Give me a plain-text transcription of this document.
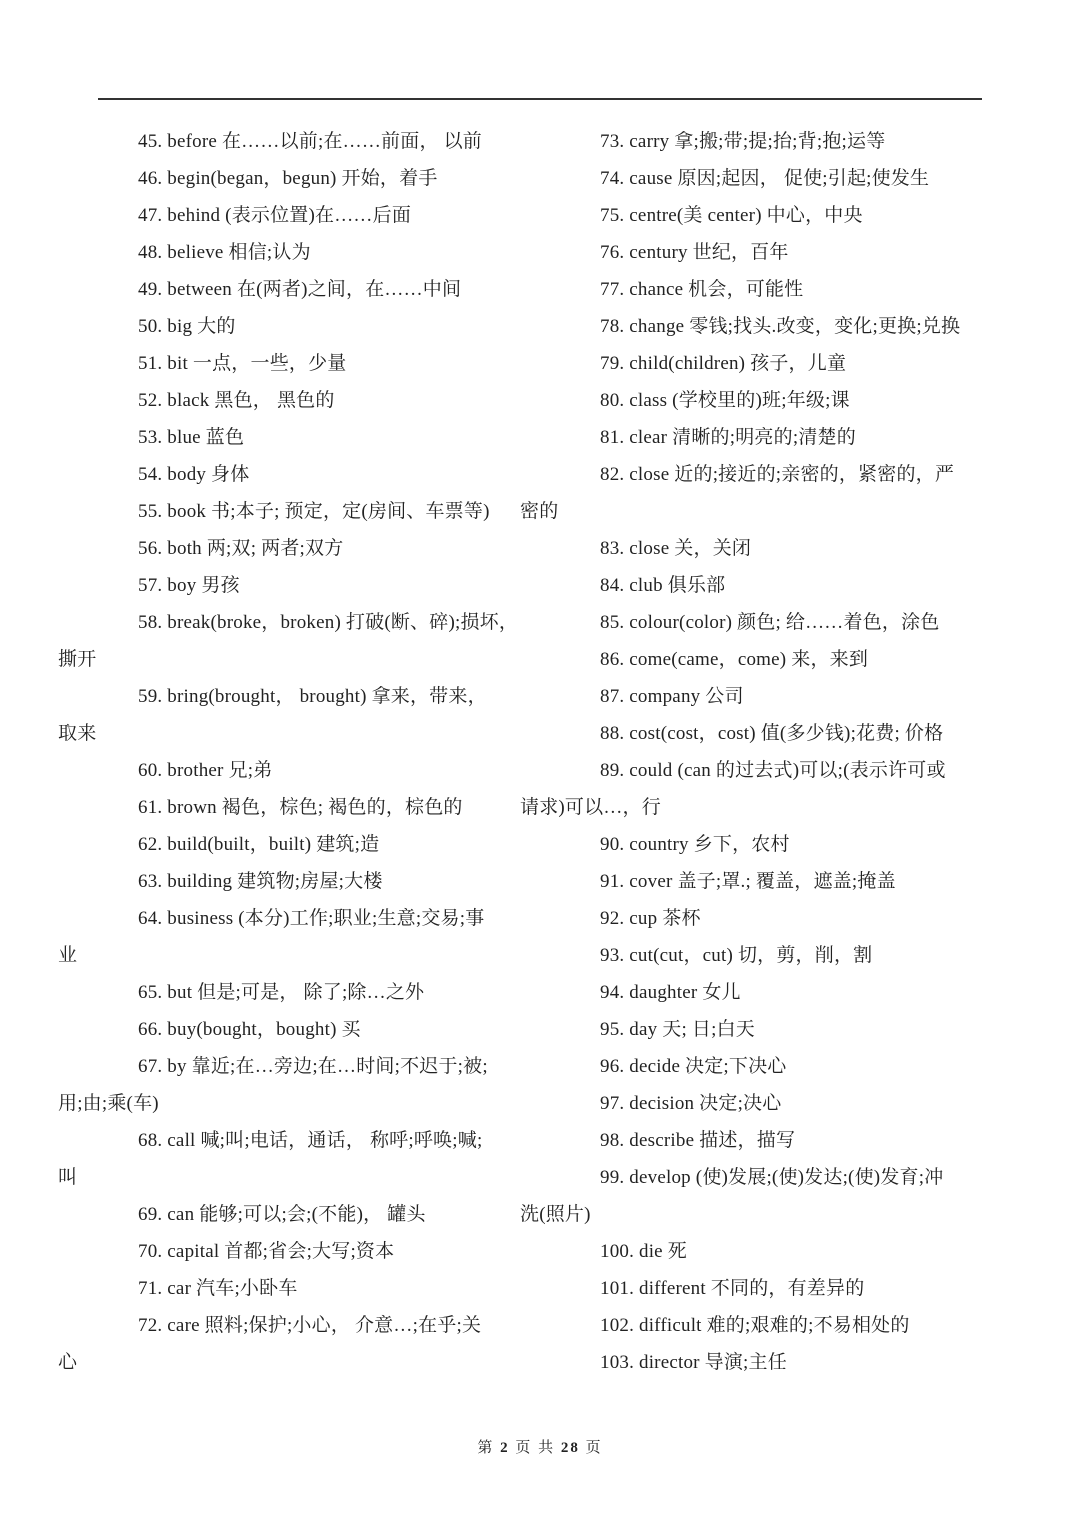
45. before 在……以前;在……前面， 以前

46. begin(began，begun) 开始，着手

47. behind (表示位置)在……后面

48. believe 相信;认为

49. between 在(两者)之间，在……中间

50. big 大的

51. bit 一点，一些，少量

52. black 黑色， 黑色的

53. blue 蓝色

54. body 身体

55. book 书;本子; 预定，定(房间、车票等)

56. both 两;双; 两者;双方

57. boy 男孩

58. break(broke，broken) 打破(断、碎);损坏，
撕开

59. bring(brought， brought) 拿来，带来，
取来

60. brother 兄;弟

61. brown 褐色，棕色; 褐色的，棕色的

62. build(built，built) 建筑;造

63. building 建筑物;房屋;大楼

64. business (本分)工作;职业;生意;交易;事
业

65. but 但是;可是， 除了;除…之外

66. buy(bought，bought) 买

67. by 靠近;在…旁边;在…时间;不迟于;被;
用;由;乘(车)

68. call 喊;叫;电话，通话， 称呼;呼唤;喊;
叫

69. can 能够;可以;会;(不能)， 罐头

70. capital 首都;省会;大写;资本

71. car 汽车;小卧车

72. care 照料;保护;小心， 介意…;在乎;关
心

73. carry 拿;搬;带;提;抬;背;抱;运等

74. cause 原因;起因， 促使;引起;使发生

75. centre(美 center) 中心，中央

76. century 世纪，百年

77. chance 机会，可能性

78. change 零钱;找头.改变，变化;更换;兑换

79. child(children) 孩子，儿童

80. class (学校里的)班;年级;课

81. clear 清晰的;明亮的;清楚的

82. close 近的;接近的;亲密的，紧密的，严
密的

83. close 关，关闭

84. club 俱乐部

85. colour(color) 颜色; 给……着色，涂色

86. come(came，come) 来，来到

87. company 公司

88. cost(cost，cost) 值(多少钱);花费; 价格

89. could (can 的过去式)可以;(表示许可或
请求)可以…，行

90. country 乡下，农村

91. cover 盖子;罩.; 覆盖，遮盖;掩盖

92. cup 茶杯

93. cut(cut，cut) 切，剪，削，割

94. daughter 女儿

95. day 天; 日;白天

96. decide 决定;下决心

97. decision 决定;决心

98. describe 描述，描写

99. develop (使)发展;(使)发达;(使)发育;冲
洗(照片)

100. die 死

101. different 不同的，有差异的

102. difficult 难的;艰难的;不易相处的

103. director 导演;主任

第 2 页 共 28 页
